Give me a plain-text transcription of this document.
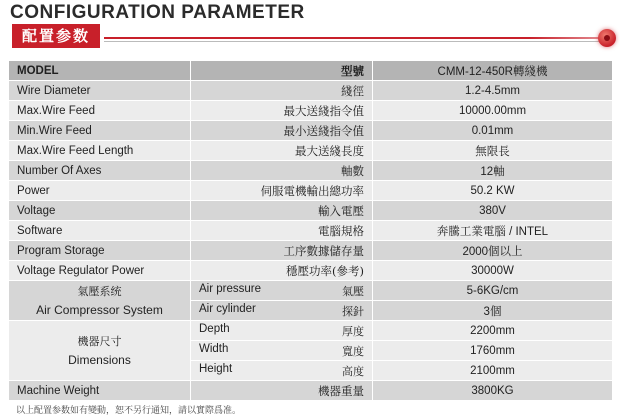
CONFIGURATION PARAMETER
配置参数
MODEL	型號	CMM-12-450R轉綫機
Wire Diameter	綫徑	1.2-4.5mm
Max.Wire Feed	最大送綫指令值	10000.00mm
Min.Wire Feed	最小送綫指令值	0.01mm
Max.Wire Feed Length	最大送綫長度	無限長
Number Of Axes	軸數	12軸
Power	伺服電機輸出總功率	50.2 KW
Voltage	輸入電壓	380V
Software	電腦規格	奔騰工業電腦 / INTEL
Program Storage	工序數據儲存量	2000個以上
Voltage Regulator Power	穩壓功率(參考)	30000W

氣壓系统
Air Compressor System	Air pressure 氣壓	5-6KG/cm

	Air cylinder 探針	3個

機器尺寸
Dimensions	Depth 厚度	2200mm

	Width 寬度	1760mm

	Height 高度	2100mm
Machine Weight	機器重量	3800KG
以上配置参数如有變動，恕不另行通知，請以實際爲准。
